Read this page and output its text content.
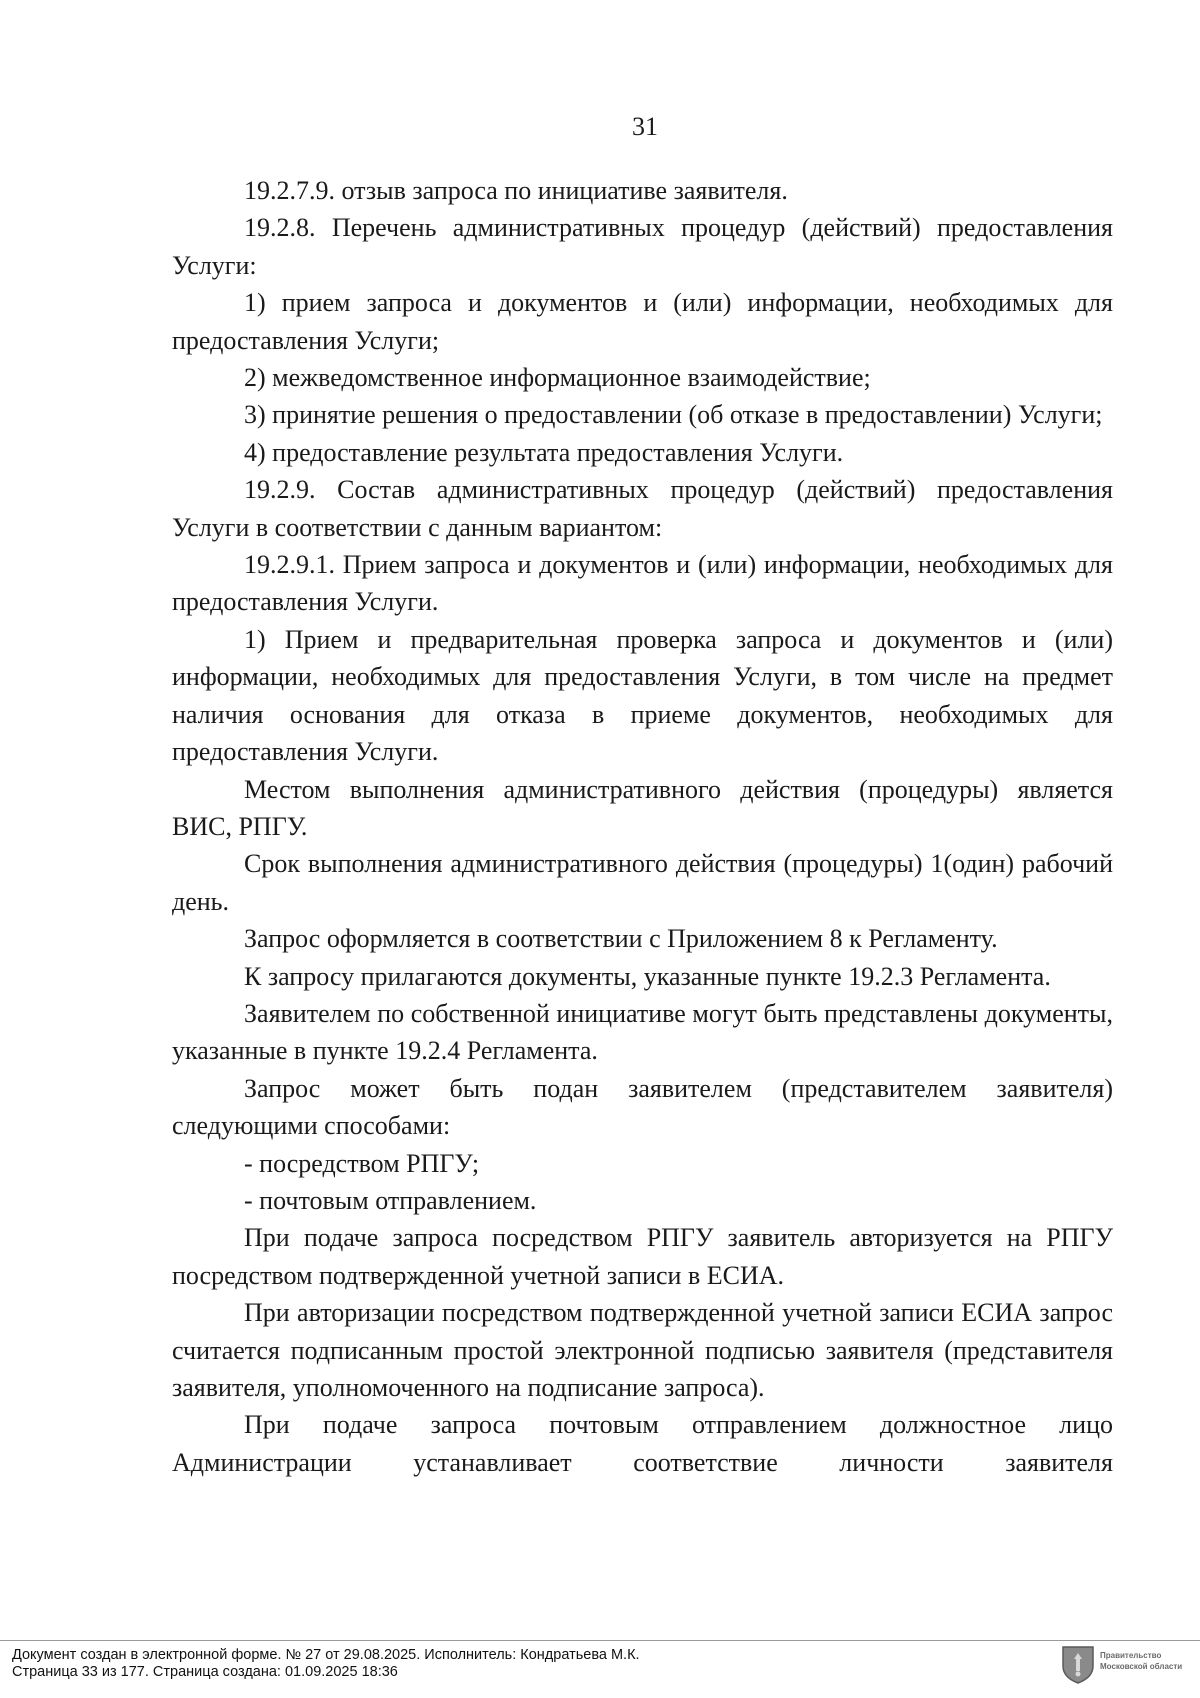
31

19.2.7.9. отзыв запроса по инициативе заявителя.

19.2.8. Перечень административных процедур (действий) предоставления Услуги:

1) прием запроса и документов и (или) информации, необходимых для предоставления Услуги;

2) межведомственное информационное взаимодействие;

3) принятие решения о предоставлении (об отказе в предоставлении) Услуги;

4) предоставление результата предоставления Услуги.

19.2.9. Состав административных процедур (действий) предоставления Услуги в соответствии с данным вариантом:

19.2.9.1. Прием запроса и документов и (или) информации, необходимых для предоставления Услуги.

1) Прием и предварительная проверка запроса и документов и (или) информации, необходимых для предоставления Услуги, в том числе на предмет наличия основания для отказа в приеме документов, необходимых для предоставления Услуги.

Местом выполнения административного действия (процедуры) является ВИС, РПГУ.

Срок выполнения административного действия (процедуры) 1(один) рабочий день.

Запрос оформляется в соответствии с Приложением 8 к Регламенту.

К запросу прилагаются документы, указанные пункте 19.2.3 Регламента.

Заявителем по собственной инициативе могут быть представлены документы, указанные в пункте 19.2.4 Регламента.

Запрос может быть подан заявителем (представителем заявителя) следующими способами:

- посредством РПГУ;

- почтовым отправлением.

При подаче запроса посредством РПГУ заявитель авторизуется на РПГУ посредством подтвержденной учетной записи в ЕСИА.

При авторизации посредством подтвержденной учетной записи ЕСИА запрос считается подписанным простой электронной подписью заявителя (представителя заявителя, уполномоченного на подписание запроса).

При подаче запроса почтовым отправлением должностное лицо Администрации устанавливает соответствие личности заявителя

Документ создан в электронной форме. № 27 от 29.08.2025. Исполнитель: Кондратьева М.К.
Страница 33 из 177. Страница создана: 01.09.2025 18:36
Правительство
Московской области
